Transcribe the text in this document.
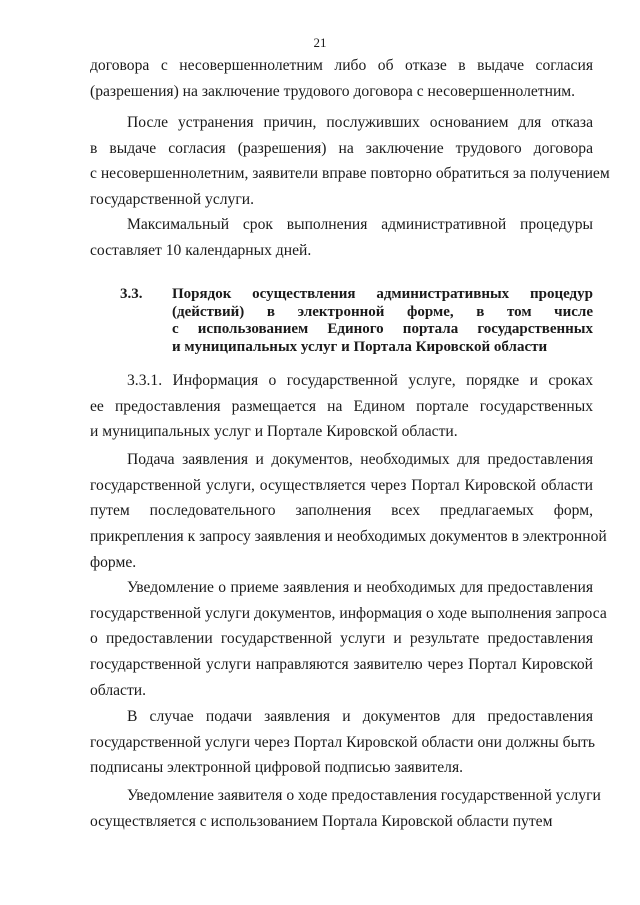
21
договора с несовершеннолетним либо об отказе в выдаче согласия
(разрешения) на заключение трудового договора с несовершеннолетним.
После устранения причин, послуживших основанием для отказа
в выдаче согласия (разрешения) на заключение трудового договора
с несовершеннолетним, заявители вправе повторно обратиться за получением
государственной услуги.
Максимальный срок выполнения административной процедуры
составляет 10 календарных дней.
3.3. Порядок осуществления административных процедур
(действий) в электронной форме, в том числе
с использованием Единого портала государственных
и муниципальных услуг и Портала Кировской области
3.3.1. Информация о государственной услуге, порядке и сроках
ее предоставления размещается на Едином портале государственных
и муниципальных услуг и Портале Кировской области.
Подача заявления и документов, необходимых для предоставления
государственной услуги, осуществляется через Портал Кировской области
путем последовательного заполнения всех предлагаемых форм,
прикрепления к запросу заявления и необходимых документов в электронной
форме.
Уведомление о приеме заявления и необходимых для предоставления
государственной услуги документов, информация о ходе выполнения запроса
о предоставлении государственной услуги и результате предоставления
государственной услуги направляются заявителю через Портал Кировской
области.
В случае подачи заявления и документов для предоставления
государственной услуги через Портал Кировской области они должны быть
подписаны электронной цифровой подписью заявителя.
Уведомление заявителя о ходе предоставления государственной услуги
осуществляется с использованием Портала Кировской области путем
